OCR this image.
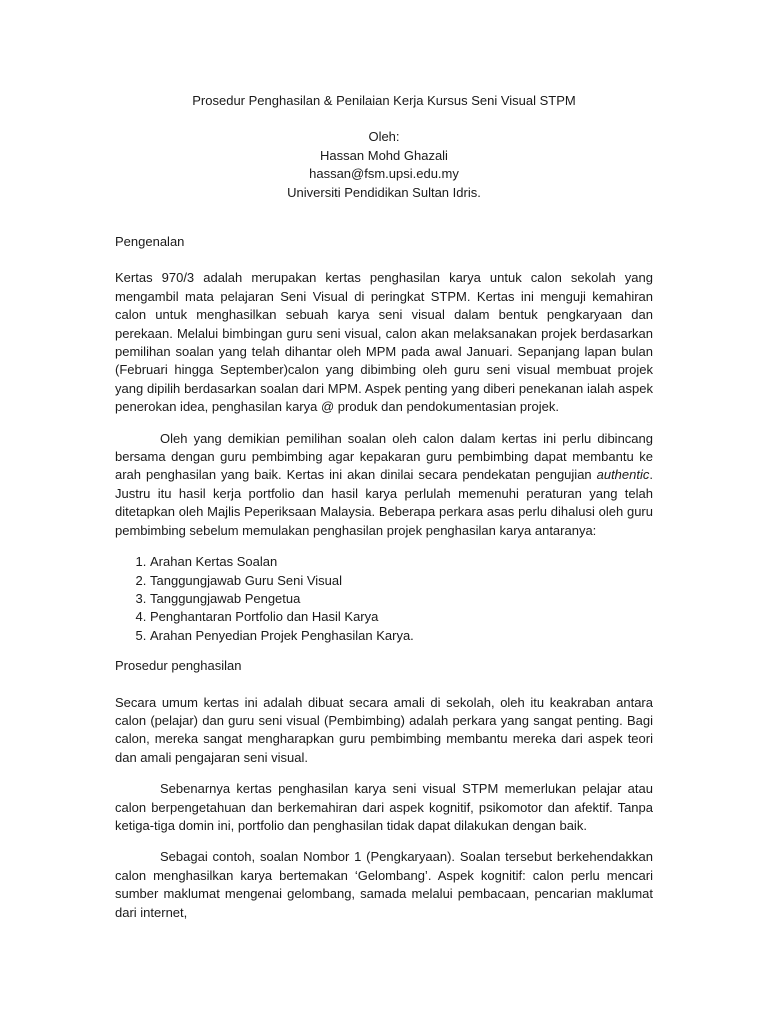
Prosedur Penghasilan & Penilaian Kerja Kursus Seni Visual STPM
Oleh:
Hassan Mohd Ghazali
hassan@fsm.upsi.edu.my
Universiti Pendidikan Sultan Idris.
Pengenalan

Kertas 970/3 adalah merupakan kertas penghasilan karya untuk calon sekolah yang mengambil mata pelajaran Seni Visual di peringkat STPM. Kertas ini menguji kemahiran calon untuk menghasilkan sebuah karya seni visual dalam bentuk pengkaryaan dan perekaan. Melalui bimbingan guru seni visual, calon akan melaksanakan projek berdasarkan pemilihan soalan yang telah dihantar oleh MPM pada awal Januari. Sepanjang lapan bulan (Februari hingga September)calon yang dibimbing oleh guru seni visual membuat projek yang dipilih berdasarkan soalan dari MPM. Aspek penting yang diberi penekanan ialah aspek penerokan idea, penghasilan karya @ produk dan pendokumentasian projek.

Oleh yang demikian pemilihan soalan oleh calon dalam kertas ini perlu dibincang bersama dengan guru pembimbing agar kepakaran guru pembimbing dapat membantu ke arah penghasilan yang baik. Kertas ini akan dinilai secara pendekatan pengujian authentic. Justru itu hasil kerja portfolio dan hasil karya perlulah memenuhi peraturan yang telah ditetapkan oleh Majlis Peperiksaan Malaysia. Beberapa perkara asas perlu dihalusi oleh guru pembimbing sebelum memulakan penghasilan projek penghasilan karya antaranya:

1. Arahan Kertas Soalan
2. Tanggungjawab Guru Seni Visual
3. Tanggungjawab Pengetua
4. Penghantaran Portfolio dan Hasil Karya
5. Arahan Penyedian Projek Penghasilan Karya.
Prosedur penghasilan

Secara umum kertas ini adalah dibuat secara amali di sekolah, oleh itu keakraban antara calon (pelajar) dan guru seni visual (Pembimbing) adalah perkara yang sangat penting. Bagi calon, mereka sangat mengharapkan guru pembimbing membantu mereka dari aspek teori dan amali pengajaran seni visual.

Sebenarnya kertas penghasilan karya seni visual STPM memerlukan pelajar atau calon berpengetahuan dan berkemahiran dari aspek kognitif, psikomotor dan afektif. Tanpa ketiga-tiga domin ini, portfolio dan penghasilan tidak dapat dilakukan dengan baik.

Sebagai contoh, soalan Nombor 1 (Pengkaryaan). Soalan tersebut berkehendakkan calon menghasilkan karya bertemakan ‘Gelombang’. Aspek kognitif: calon perlu mencari sumber maklumat mengenai gelombang, samada melalui pembacaan, pencarian maklumat dari internet,
